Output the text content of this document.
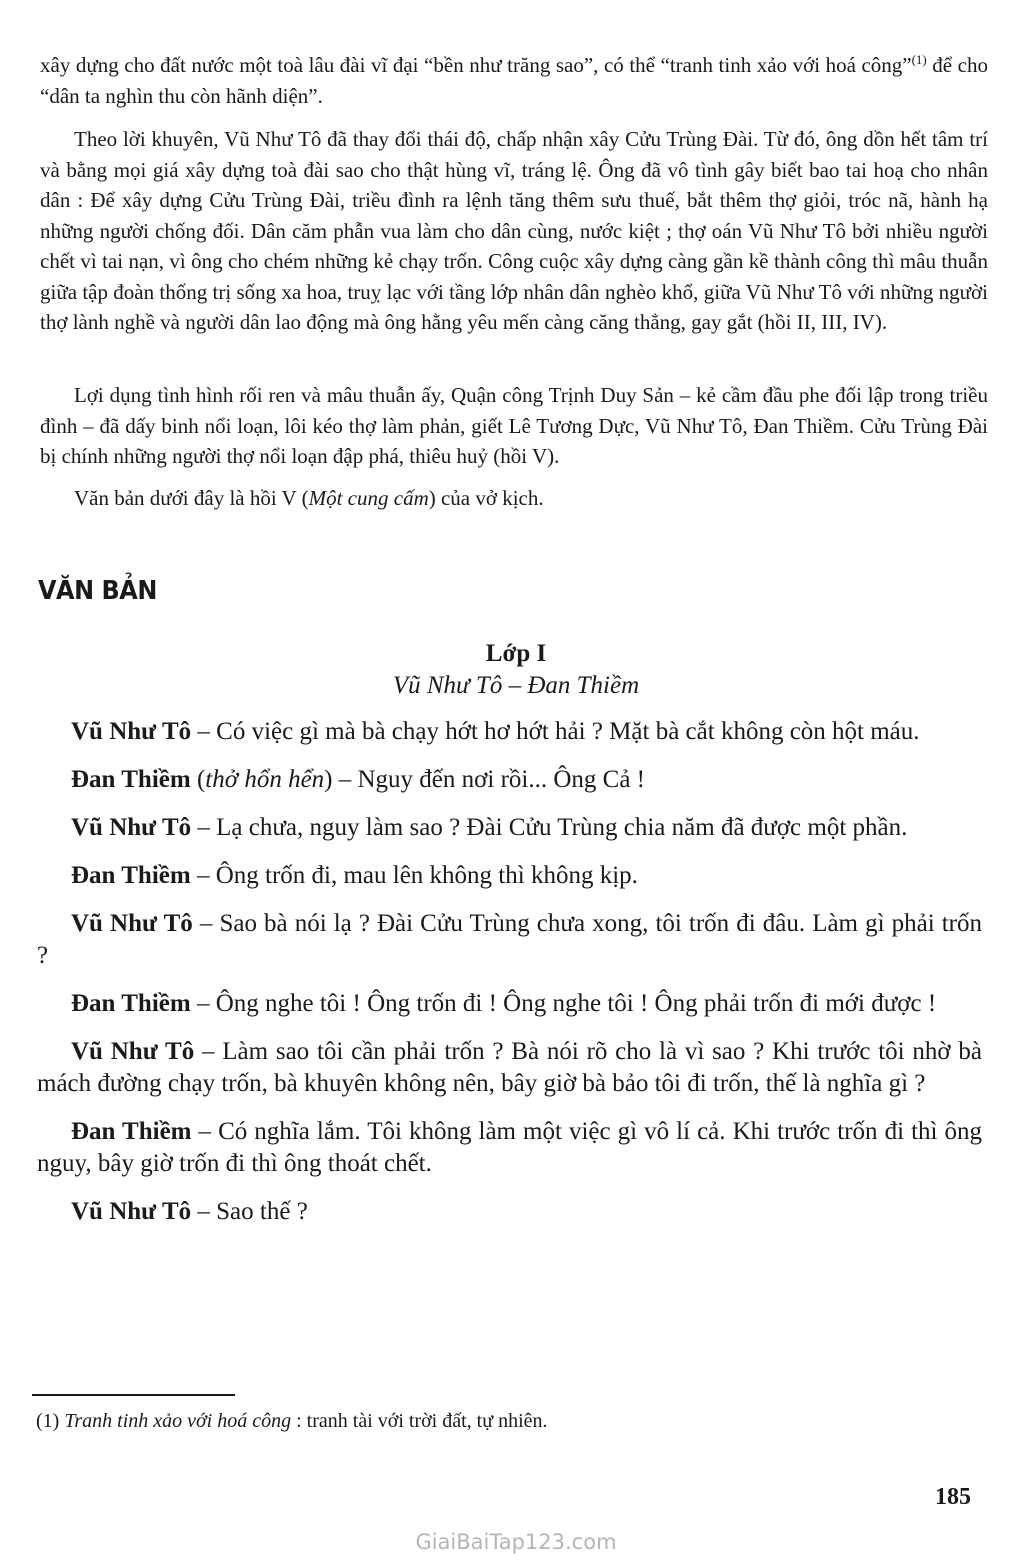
xây dựng cho đất nước một toà lâu đài vĩ đại “bền như trăng sao”, có thể “tranh tinh xảo với hoá công”$^{(1)}$ để cho “dân ta nghìn thu còn hãnh diện”.

Theo lời khuyên, Vũ Như Tô đã thay đổi thái độ, chấp nhận xây Cửu Trùng Đài. Từ đó, ông dồn hết tâm trí và bằng mọi giá xây dựng toà đài sao cho thật hùng vĩ, tráng lệ. Ông đã vô tình gây biết bao tai hoạ cho nhân dân : Để xây dựng Cửu Trùng Đài, triều đình ra lệnh tăng thêm sưu thuế, bắt thêm thợ giỏi, tróc nã, hành hạ những người chống đối. Dân căm phẫn vua làm cho dân cùng, nước kiệt ; thợ oán Vũ Như Tô bởi nhiều người chết vì tai nạn, vì ông cho chém những kẻ chạy trốn. Công cuộc xây dựng càng gần kề thành công thì mâu thuẫn giữa tập đoàn thống trị sống xa hoa, truỵ lạc với tầng lớp nhân dân nghèo khổ, giữa Vũ Như Tô với những người thợ lành nghề và người dân lao động mà ông hằng yêu mến càng căng thẳng, gay gắt (hồi II, III, IV).

Lợi dụng tình hình rối ren và mâu thuẫn ấy, Quận công Trịnh Duy Sản – kẻ cầm đầu phe đối lập trong triều đình – đã dấy binh nổi loạn, lôi kéo thợ làm phản, giết Lê Tương Dực, Vũ Như Tô, Đan Thiềm. Cửu Trùng Đài bị chính những người thợ nổi loạn đập phá, thiêu huỷ (hồi V).

Văn bản dưới đây là hồi V (Một cung cấm) của vở kịch.

VĂN BẢN
Lớp I
Vũ Như Tô – Đan Thiềm

Vũ Như Tô – Có việc gì mà bà chạy hớt hơ hớt hải ? Mặt bà cắt không còn hột máu.

Đan Thiềm (thở hổn hển) – Nguy đến nơi rồi... Ông Cả !

Vũ Như Tô – Lạ chưa, nguy làm sao ? Đài Cửu Trùng chia năm đã được một phần.

Đan Thiềm – Ông trốn đi, mau lên không thì không kịp.

Vũ Như Tô – Sao bà nói lạ ? Đài Cửu Trùng chưa xong, tôi trốn đi đâu. Làm gì phải trốn ?

Đan Thiềm – Ông nghe tôi ! Ông trốn đi ! Ông nghe tôi ! Ông phải trốn đi mới được !

Vũ Như Tô – Làm sao tôi cần phải trốn ? Bà nói rõ cho là vì sao ? Khi trước tôi nhờ bà mách đường chạy trốn, bà khuyên không nên, bây giờ bà bảo tôi đi trốn, thế là nghĩa gì ?

Đan Thiềm – Có nghĩa lắm. Tôi không làm một việc gì vô lí cả. Khi trước trốn đi thì ông nguy, bây giờ trốn đi thì ông thoát chết.

Vũ Như Tô – Sao thế ?

(1) Tranh tinh xảo với hoá công : tranh tài với trời đất, tự nhiên.
185
GiaiBaiTap123.com
